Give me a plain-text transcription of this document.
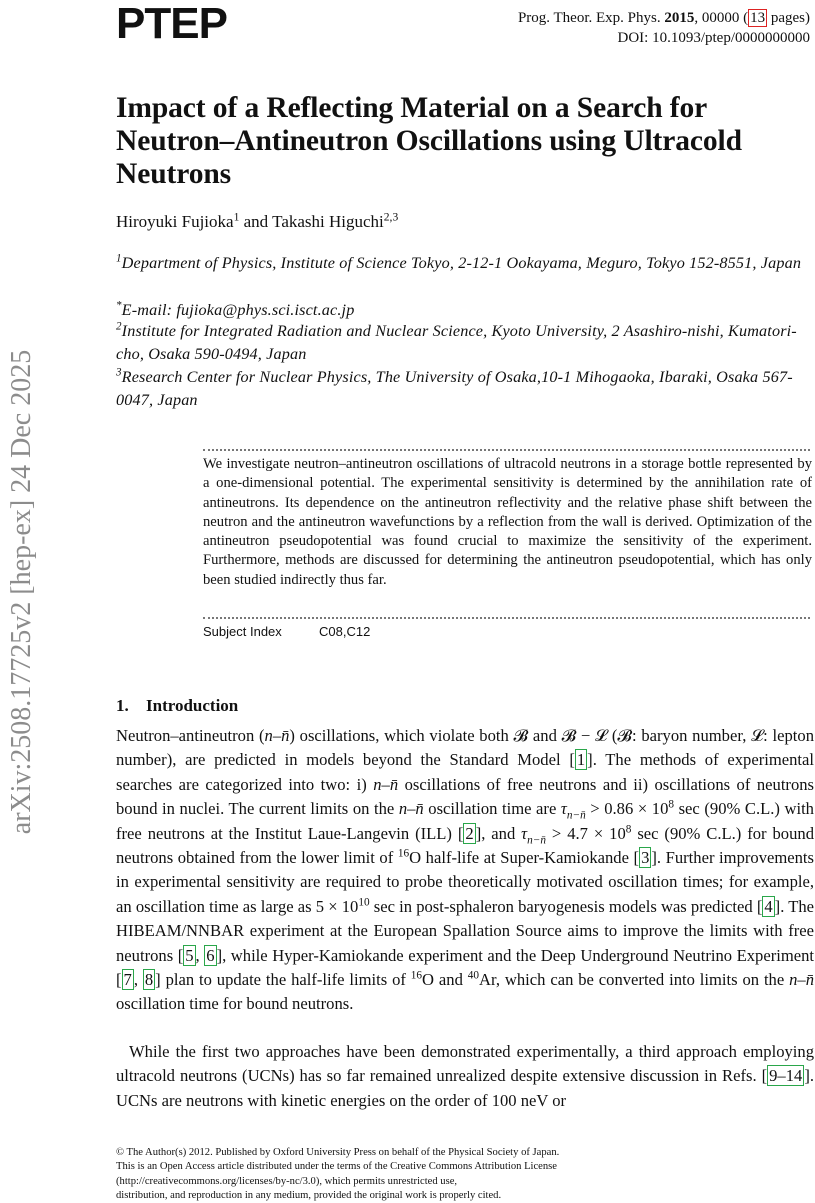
arXiv:2508.17725v2 [hep-ex] 24 Dec 2025
PTEP	Prog. Theor. Exp. Phys. 2015, 00000 ( 13 pages)
DOI: 10.1093/ptep/0000000000
Impact of a Reflecting Material on a Search for Neutron–Antineutron Oscillations using Ultracold Neutrons
Hiroyuki Fujioka$^1$ and Takashi Higuchi$^{2,3}$
$^1$Department of Physics, Institute of Science Tokyo, 2-12-1 Ookayama, Meguro, Tokyo 152-8551, Japan
*E-mail: fujioka@phys.sci.isct.ac.jp
$^2$Institute for Integrated Radiation and Nuclear Science, Kyoto University, 2 Asashiro-nishi, Kumatori-cho, Osaka 590-0494, Japan
$^3$Research Center for Nuclear Physics, The University of Osaka,10-1 Mihogaoka, Ibaraki, Osaka 567-0047, Japan
We investigate neutron–antineutron oscillations of ultracold neutrons in a storage bottle represented by a one-dimensional potential. The experimental sensitivity is determined by the annihilation rate of antineutrons. Its dependence on the antineutron reflectivity and the relative phase shift between the neutron and the antineutron wavefunctions by a reflection from the wall is derived. Optimization of the antineutron pseudopotential was found crucial to maximize the sensitivity of the experiment. Furthermore, methods are discussed for determining the antineutron pseudopotential, which has only been studied indirectly thus far.
Subject Index	C08,C12
1. Introduction
Neutron–antineutron (n–n̄) oscillations, which violate both 𝓑 and 𝓑 − 𝓛 (𝓑: baryon number, 𝓛: lepton number), are predicted in models beyond the Standard Model [ 1 ]. The methods of experimental searches are categorized into two: i) n–n̄ oscillations of free neutrons and ii) oscillations of neutrons bound in nuclei. The current limits on the n–n̄ oscillation time are $\tau_{n-n̄} > 0.86 \times 10^8$ sec (90% C.L.) with free neutrons at the Institut Laue-Langevin (ILL) [ 2 ], and $\tau_{n-n̄} > 4.7 \times 10^8$ sec (90% C.L.) for bound neutrons obtained from the lower limit of $^{16}$O half-life at Super-Kamiokande [ 3 ]. Further improvements in experimental sensitivity are required to probe theoretically motivated oscillation times; for example, an oscillation time as large as $5 \times 10^{10}$ sec in post-sphaleron baryogenesis models was predicted [ 4 ]. The HIBEAM/NNBAR experiment at the European Spallation Source aims to improve the limits with free neutrons [ 5 , 6 ], while Hyper-Kamiokande experiment and the Deep Underground Neutrino Experiment [ 7 , 8 ] plan to update the half-life limits of $^{16}$O and $^{40}$Ar, which can be converted into limits on the n–n̄ oscillation time for bound neutrons.
While the first two approaches have been demonstrated experimentally, a third approach employing ultracold neutrons (UCNs) has so far remained unrealized despite extensive discussion in Refs. [ 9–14 ]. UCNs are neutrons with kinetic energies on the order of 100 neV or
© The Author(s) 2012. Published by Oxford University Press on behalf of the Physical Society of Japan.
This is an Open Access article distributed under the terms of the Creative Commons Attribution License
(http://creativecommons.org/licenses/by-nc/3.0), which permits unrestricted use,
distribution, and reproduction in any medium, provided the original work is properly cited.
